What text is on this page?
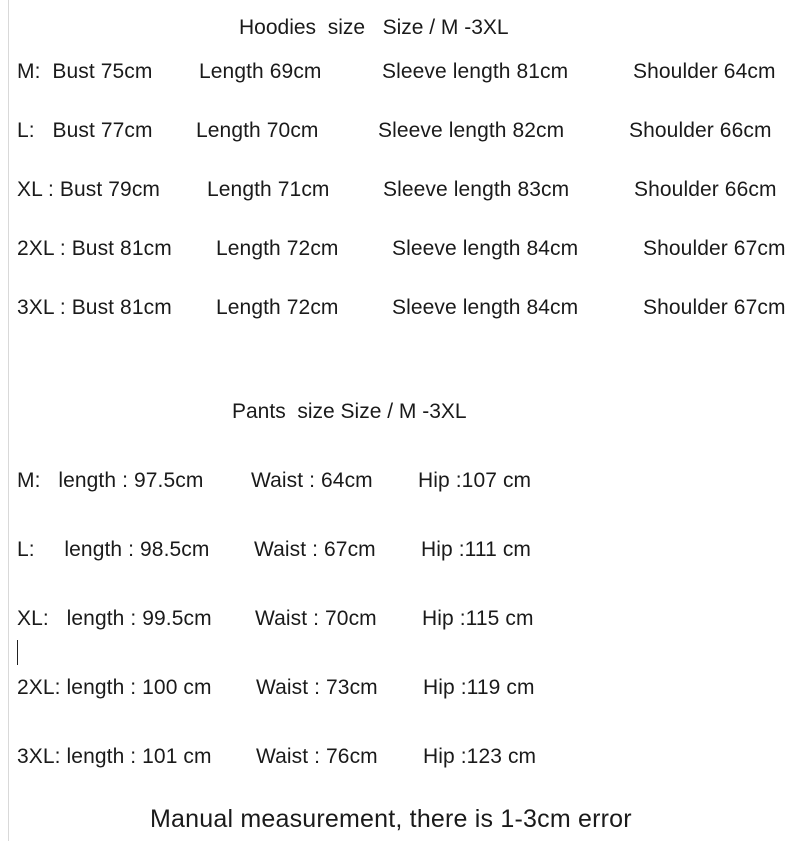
Hoodies  size   Size / M -3XL
M:  Bust 75cm Length 69cm	Sleeve length 81cm	Shoulder 64cm
L:   Bust 77cm Length 70cm	Sleeve length 82cm	Shoulder 66cm
XL : Bust 79cm Length 71cm	Sleeve length 83cm	Shoulder 66cm
2XL : Bust 81cm Length 72cm	Sleeve length 84cm	Shoulder 67cm
3XL : Bust 81cm Length 72cm	Sleeve length 84cm	Shoulder 67cm
Pants  size Size / M -3XL
M:   length : 97.5cm Waist : 64cm Hip :107 cm
L:     length : 98.5cm Waist : 67cm Hip :111 cm
XL:   length : 99.5cm Waist : 70cm Hip :115 cm
2XL: length : 100 cm Waist : 73cm Hip :119 cm
3XL: length : 101 cm Waist : 76cm Hip :123 cm
Manual measurement, there is 1-3cm error
